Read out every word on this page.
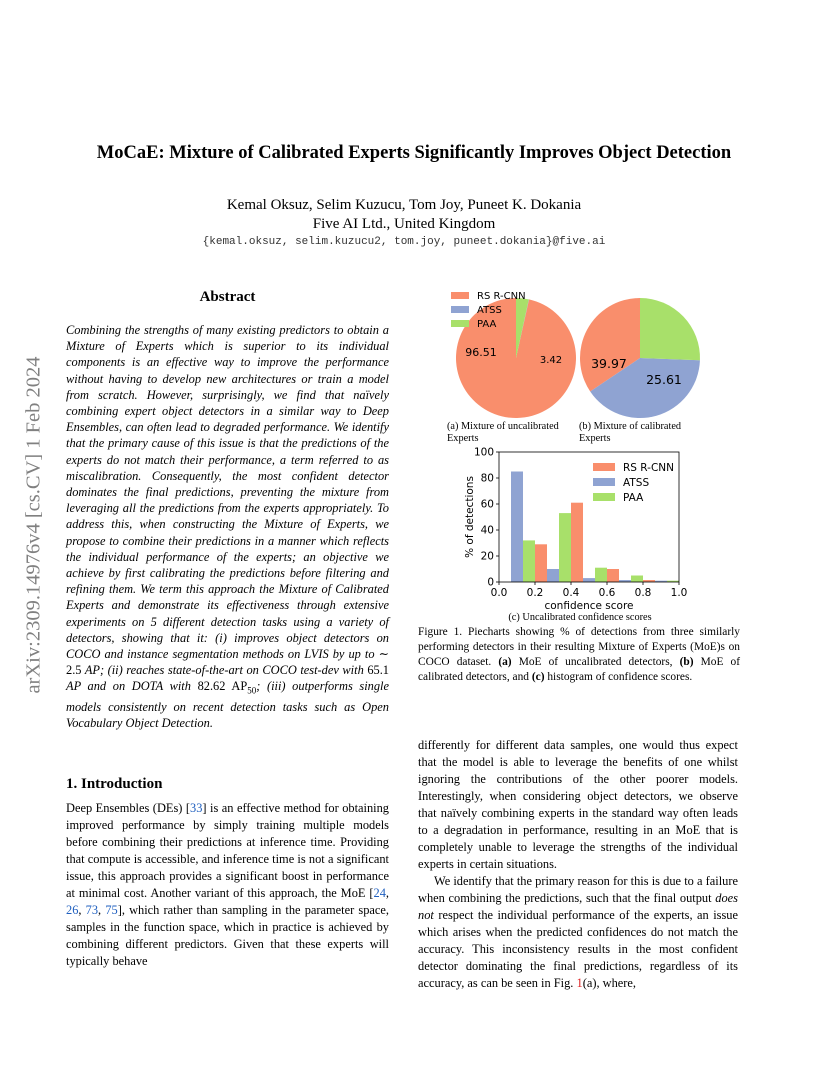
arXiv:2309.14976v4 [cs.CV] 1 Feb 2024
MoCaE: Mixture of Calibrated Experts Significantly Improves Object Detection
Kemal Oksuz, Selim Kuzucu, Tom Joy, Puneet K. Dokania
Five AI Ltd., United Kingdom
{kemal.oksuz, selim.kuzucu2, tom.joy, puneet.dokania}@five.ai
Abstract
Combining the strengths of many existing predictors to obtain a Mixture of Experts which is superior to its individual components is an effective way to improve the performance without having to develop new architectures or train a model from scratch. However, surprisingly, we find that naïvely combining expert object detectors in a similar way to Deep Ensembles, can often lead to degraded performance. We identify that the primary cause of this issue is that the predictions of the experts do not match their performance, a term referred to as miscalibration. Consequently, the most confident detector dominates the final predictions, preventing the mixture from leveraging all the predictions from the experts appropriately. To address this, when constructing the Mixture of Experts, we propose to combine their predictions in a manner which reflects the individual performance of the experts; an objective we achieve by first calibrating the predictions before filtering and refining them. We term this approach the Mixture of Calibrated Experts and demonstrate its effectiveness through extensive experiments on 5 different detection tasks using a variety of detectors, showing that it: (i) improves object detectors on COCO and instance segmentation methods on LVIS by up to ∼ 2.5 AP; (ii) reaches state-of-the-art on COCO test-dev with 65.1 AP and on DOTA with 82.62 $AP_{50}$; (iii) outperforms single models consistently on recent detection tasks such as Open Vocabulary Object Detection.
1. Introduction
Deep Ensembles (DEs) [33] is an effective method for obtaining improved performance by simply training multiple models before combining their predictions at inference time. Providing that compute is accessible, and inference time is not a significant issue, this approach provides a significant boost in performance at minimal cost. Another variant of this approach, the MoE [24, 26, 73, 75], which rather than sampling in the parameter space, samples in the function space, which in practice is achieved by combining different predictors. Given that these experts will typically behave
96.51
3.42 39.97
25.61
RS R-CNN
ATSS
PAA
0
20
40
60
80
100
0.0 0.2 0.4 0.6 0.8 1.0
confidence score
% of detections
RS R-CNN
ATSS
PAA
(a) Mixture of uncalibrated Experts
(b) Mixture of calibrated Experts
(c) Uncalibrated confidence scores
Figure 1. Piecharts showing % of detections from three similarly performing detectors in their resulting Mixture of Experts (MoE)s on COCO dataset. (a) MoE of uncalibrated detectors, (b) MoE of calibrated detectors, and (c) histogram of confidence scores.

differently for different data samples, one would thus expect that the model is able to leverage the benefits of one whilst ignoring the contributions of the other poorer models. Interestingly, when considering object detectors, we observe that naïvely combining experts in the standard way often leads to a degradation in performance, resulting in an MoE that is completely unable to leverage the strengths of the individual experts in certain situations.

We identify that the primary reason for this is due to a failure when combining the predictions, such that the final output does not respect the individual performance of the experts, an issue which arises when the predicted confidences do not match the accuracy. This inconsistency results in the most confident detector dominating the final predictions, regardless of its accuracy, as can be seen in Fig. 1(a), where,
